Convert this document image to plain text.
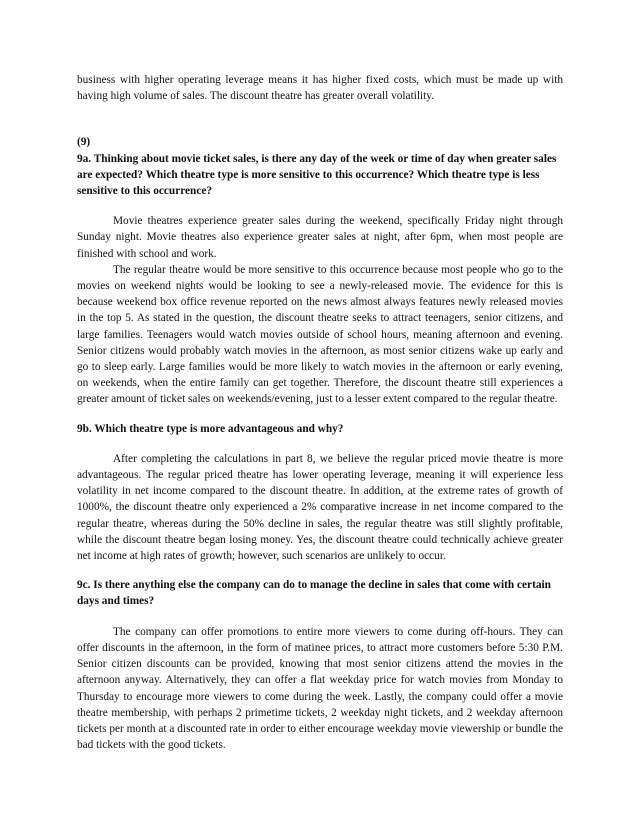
business with higher operating leverage means it has higher fixed costs, which must be made up with having high volume of sales. The discount theatre has greater overall volatility.

(9)

9a. Thinking about movie ticket sales, is there any day of the week or time of day when greater sales are expected? Which theatre type is more sensitive to this occurrence? Which theatre type is less sensitive to this occurrence?

Movie theatres experience greater sales during the weekend, specifically Friday night through Sunday night. Movie theatres also experience greater sales at night, after 6pm, when most people are finished with school and work.

The regular theatre would be more sensitive to this occurrence because most people who go to the movies on weekend nights would be looking to see a newly-released movie. The evidence for this is because weekend box office revenue reported on the news almost always features newly released movies in the top 5. As stated in the question, the discount theatre seeks to attract teenagers, senior citizens, and large families. Teenagers would watch movies outside of school hours, meaning afternoon and evening. Senior citizens would probably watch movies in the afternoon, as most senior citizens wake up early and go to sleep early. Large families would be more likely to watch movies in the afternoon or early evening, on weekends, when the entire family can get together. Therefore, the discount theatre still experiences a greater amount of ticket sales on weekends/evening, just to a lesser extent compared to the regular theatre.

9b. Which theatre type is more advantageous and why?

After completing the calculations in part 8, we believe the regular priced movie theatre is more advantageous. The regular priced theatre has lower operating leverage, meaning it will experience less volatility in net income compared to the discount theatre. In addition, at the extreme rates of growth of 1000%, the discount theatre only experienced a 2% comparative increase in net income compared to the regular theatre, whereas during the 50% decline in sales, the regular theatre was still slightly profitable, while the discount theatre began losing money. Yes, the discount theatre could technically achieve greater net income at high rates of growth; however, such scenarios are unlikely to occur.

9c. Is there anything else the company can do to manage the decline in sales that come with certain days and times?

The company can offer promotions to entire more viewers to come during off-hours. They can offer discounts in the afternoon, in the form of matinee prices, to attract more customers before 5:30 P.M. Senior citizen discounts can be provided, knowing that most senior citizens attend the movies in the afternoon anyway. Alternatively, they can offer a flat weekday price for watch movies from Monday to Thursday to encourage more viewers to come during the week. Lastly, the company could offer a movie theatre membership, with perhaps 2 primetime tickets, 2 weekday night tickets, and 2 weekday afternoon tickets per month at a discounted rate in order to either encourage weekday movie viewership or bundle the bad tickets with the good tickets.
